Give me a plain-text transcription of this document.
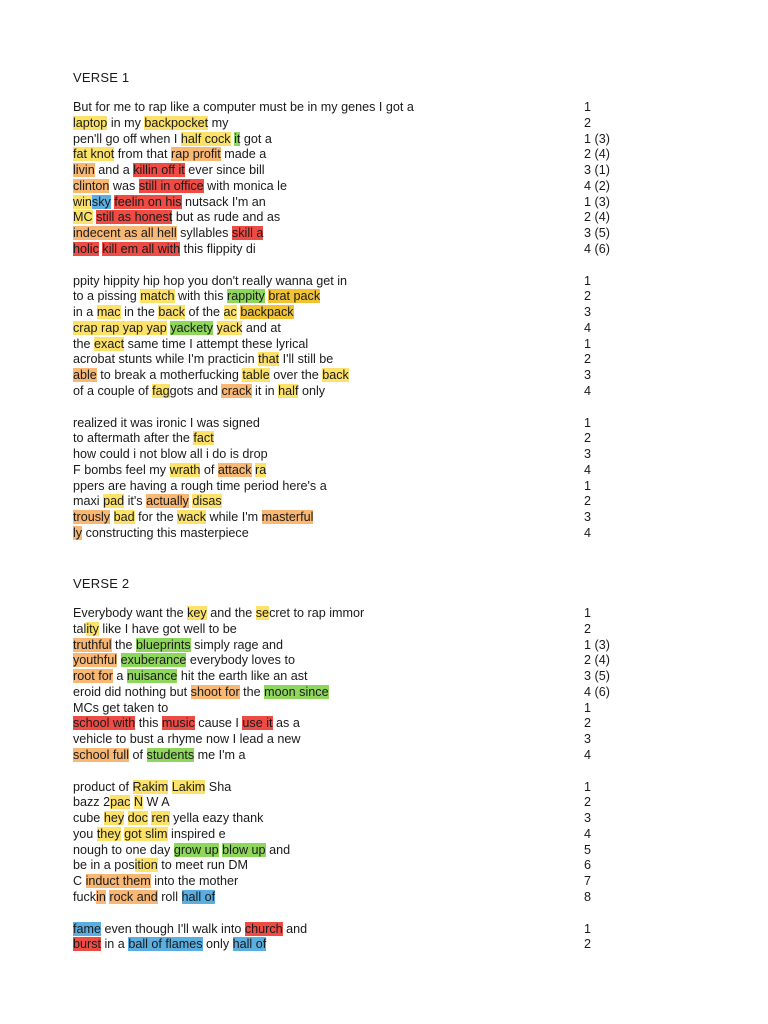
VERSE 1
But for me to rap like a computer must be in my genes I got a	1
laptop in my backpocket my	2
pen'll go off when I half cock it got a	1 (3)
fat knot from that rap profit made a	2 (4)
livin and a killin off it ever since bill	3 (1)
clinton was still in office with monica le	4 (2)
winsky feelin on his nutsack I'm an	1 (3)
MC still as honest but as rude and as	2 (4)
indecent as all hell syllables skill a	3 (5)
holic kill em all with this flippity di	4 (6)
ppity hippity hip hop you don't really wanna get in	1
to a pissing match with this rappity brat pack	2
in a mac in the back of the ac backpack	3
crap rap yap yap yackety yack and at	4
the exact same time I attempt these lyrical	1
acrobat stunts while I'm practicin that I'll still be	2
able to break a motherfucking table over the back	3
of a couple of faggots and crack it in half only	4
realized it was ironic I was signed	1
to aftermath after the fact	2
how could i not blow all i do is drop	3
F bombs feel my wrath of attack ra	4
ppers are having a rough time period here's a	1
maxi pad it's actually disas	2
trously bad for the wack while I'm masterful	3
ly constructing this masterpiece	4
VERSE 2
Everybody want the key and the secret to rap immor	1
tality like I have got well to be	2
truthful the blueprints simply rage and	1 (3)
youthful exuberance everybody loves to	2 (4)
root for a nuisance hit the earth like an ast	3 (5)
eroid did nothing but shoot for the moon since	4 (6)
MCs get taken to	1
school with this music cause I use it as a	2
vehicle to bust a rhyme now I lead a new	3
school full of students me I'm a	4
product of Rakim Lakim Sha	1
bazz 2pac N W A	2
cube hey doc ren yella eazy thank	3
you they got slim inspired e	4
nough to one day grow up blow up and	5
be in a position to meet run DM	6
C induct them into the mother	7
fuckin rock and roll hall of	8
fame even though I'll walk into church and	1
burst in a ball of flames only hall of	2
